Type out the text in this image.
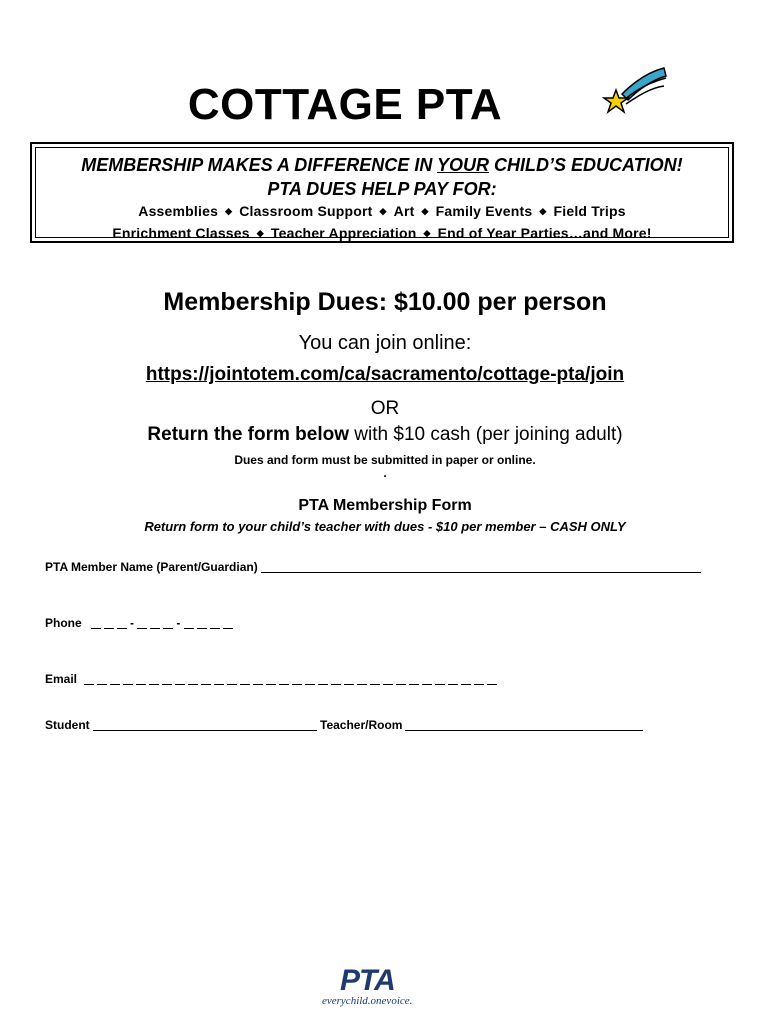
COTTAGE PTA
MEMBERSHIP MAKES A DIFFERENCE IN YOUR CHILD’S EDUCATION!
PTA DUES HELP PAY FOR:
Assemblies ◆ Classroom Support ◆ Art ◆ Family Events ◆ Field Trips
Enrichment Classes ◆ Teacher Appreciation ◆ End of Year Parties…and More!
Membership Dues: $10.00 per person
You can join online:
https://jointotem.com/ca/sacramento/cottage-pta/join
OR
Return the form below with $10 cash (per joining adult)
Dues and form must be submitted in paper or online.
.
PTA Membership Form
Return form to your child’s teacher with dues - $10 per member – CASH ONLY
PTA Member Name (Parent/Guardian)
Phone	-	-
Email
Student	Teacher/Room
PTA
everychild.onevoice.
